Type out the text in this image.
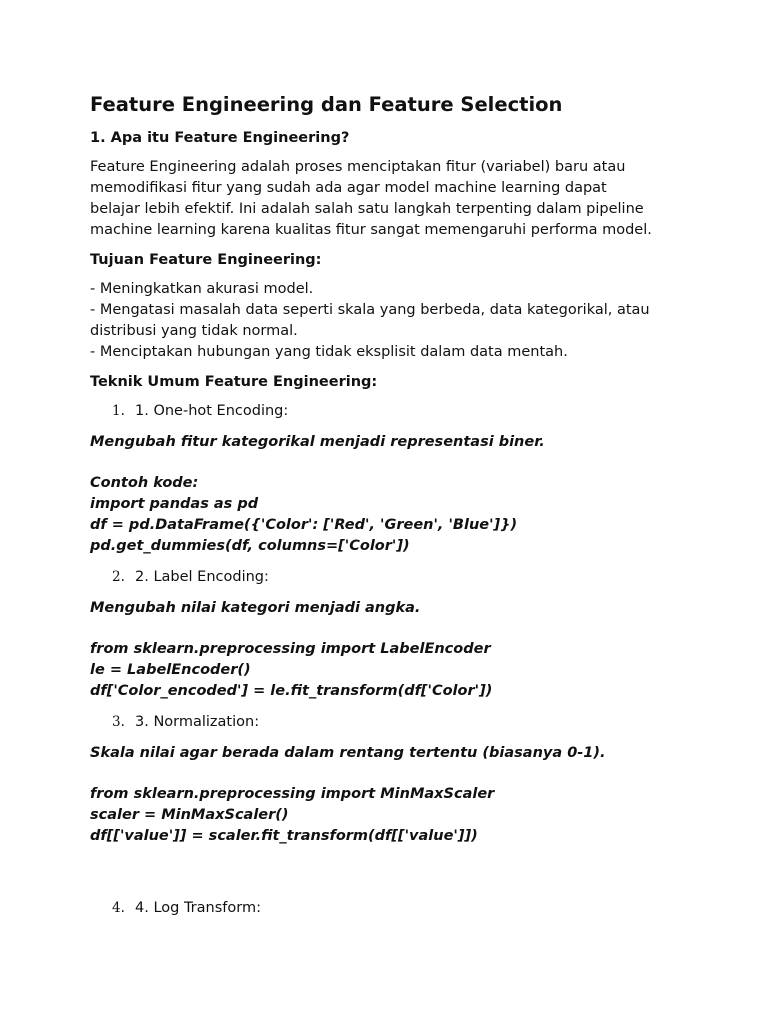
Feature Engineering dan Feature Selection
1. Apa itu Feature Engineering?
Feature Engineering adalah proses menciptakan fitur (variabel) baru atau
memodifikasi fitur yang sudah ada agar model machine learning dapat
belajar lebih efektif. Ini adalah salah satu langkah terpenting dalam pipeline
machine learning karena kualitas fitur sangat memengaruhi performa model.
Tujuan Feature Engineering:
- Meningkatkan akurasi model.
- Mengatasi masalah data seperti skala yang berbeda, data kategorikal, atau
distribusi yang tidak normal.
- Menciptakan hubungan yang tidak eksplisit dalam data mentah.
Teknik Umum Feature Engineering:
1. 1. One-hot Encoding:
Mengubah fitur kategorikal menjadi representasi biner.
Contoh kode:
import pandas as pd
df = pd.DataFrame({'Color': ['Red', 'Green', 'Blue']})
pd.get_dummies(df, columns=['Color'])
2. 2. Label Encoding:
Mengubah nilai kategori menjadi angka.
from sklearn.preprocessing import LabelEncoder
le = LabelEncoder()
df['Color_encoded'] = le.fit_transform(df['Color'])
3. 3. Normalization:
Skala nilai agar berada dalam rentang tertentu (biasanya 0-1).
from sklearn.preprocessing import MinMaxScaler
scaler = MinMaxScaler()
df[['value']] = scaler.fit_transform(df[['value']])
4. 4. Log Transform:
